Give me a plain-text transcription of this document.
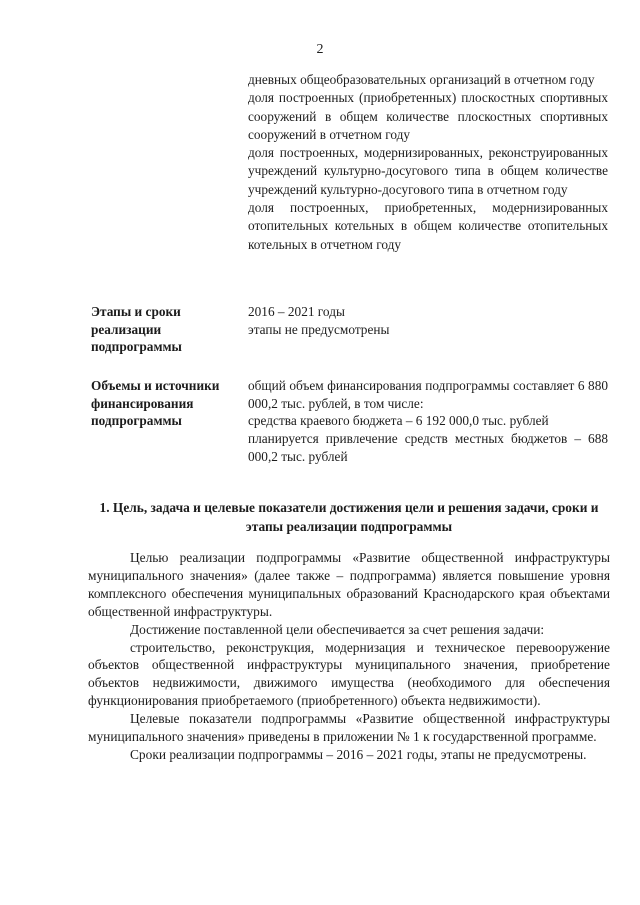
2

дневных общеобразовательных организаций в отчетном году

доля построенных (приобретенных) плоскостных спортивных сооружений в общем количестве плоскостных спортивных сооружений в отчетном году

доля построенных, модернизированных, реконструированных учреждений культурно-досугового типа в общем количестве учреждений культурно-досугового типа в отчетном году

доля построенных, приобретенных, модернизированных отопительных котельных в общем количестве отопительных котельных в отчетном году

Этапы и сроки реализации подпрограммы

2016 – 2021 годы

этапы не предусмотрены

Объемы и источники финансирования подпрограммы

общий объем финансирования подпрограммы составляет 6 880 000,2 тыс. рублей, в том числе:

средства краевого бюджета – 6 192 000,0 тыс. рублей

планируется привлечение средств местных бюджетов – 688 000,2 тыс. рублей

1. Цель, задача и целевые показатели достижения цели и решения задачи, сроки и этапы реализации подпрограммы

Целью реализации подпрограммы «Развитие общественной инфраструктуры муниципального значения» (далее также – подпрограмма) является повышение уровня комплексного обеспечения муниципальных образований Краснодарского края объектами общественной инфраструктуры.

Достижение поставленной цели обеспечивается за счет решения задачи:

строительство, реконструкция, модернизация и техническое перевооружение объектов общественной инфраструктуры муниципального значения, приобретение объектов недвижимости, движимого имущества (необходимого для обеспечения функционирования приобретаемого (приобретенного) объекта недвижимости).

Целевые показатели подпрограммы «Развитие общественной инфраструктуры муниципального значения» приведены в приложении № 1 к государственной программе.

Сроки реализации подпрограммы – 2016 – 2021 годы, этапы не предусмотрены.
